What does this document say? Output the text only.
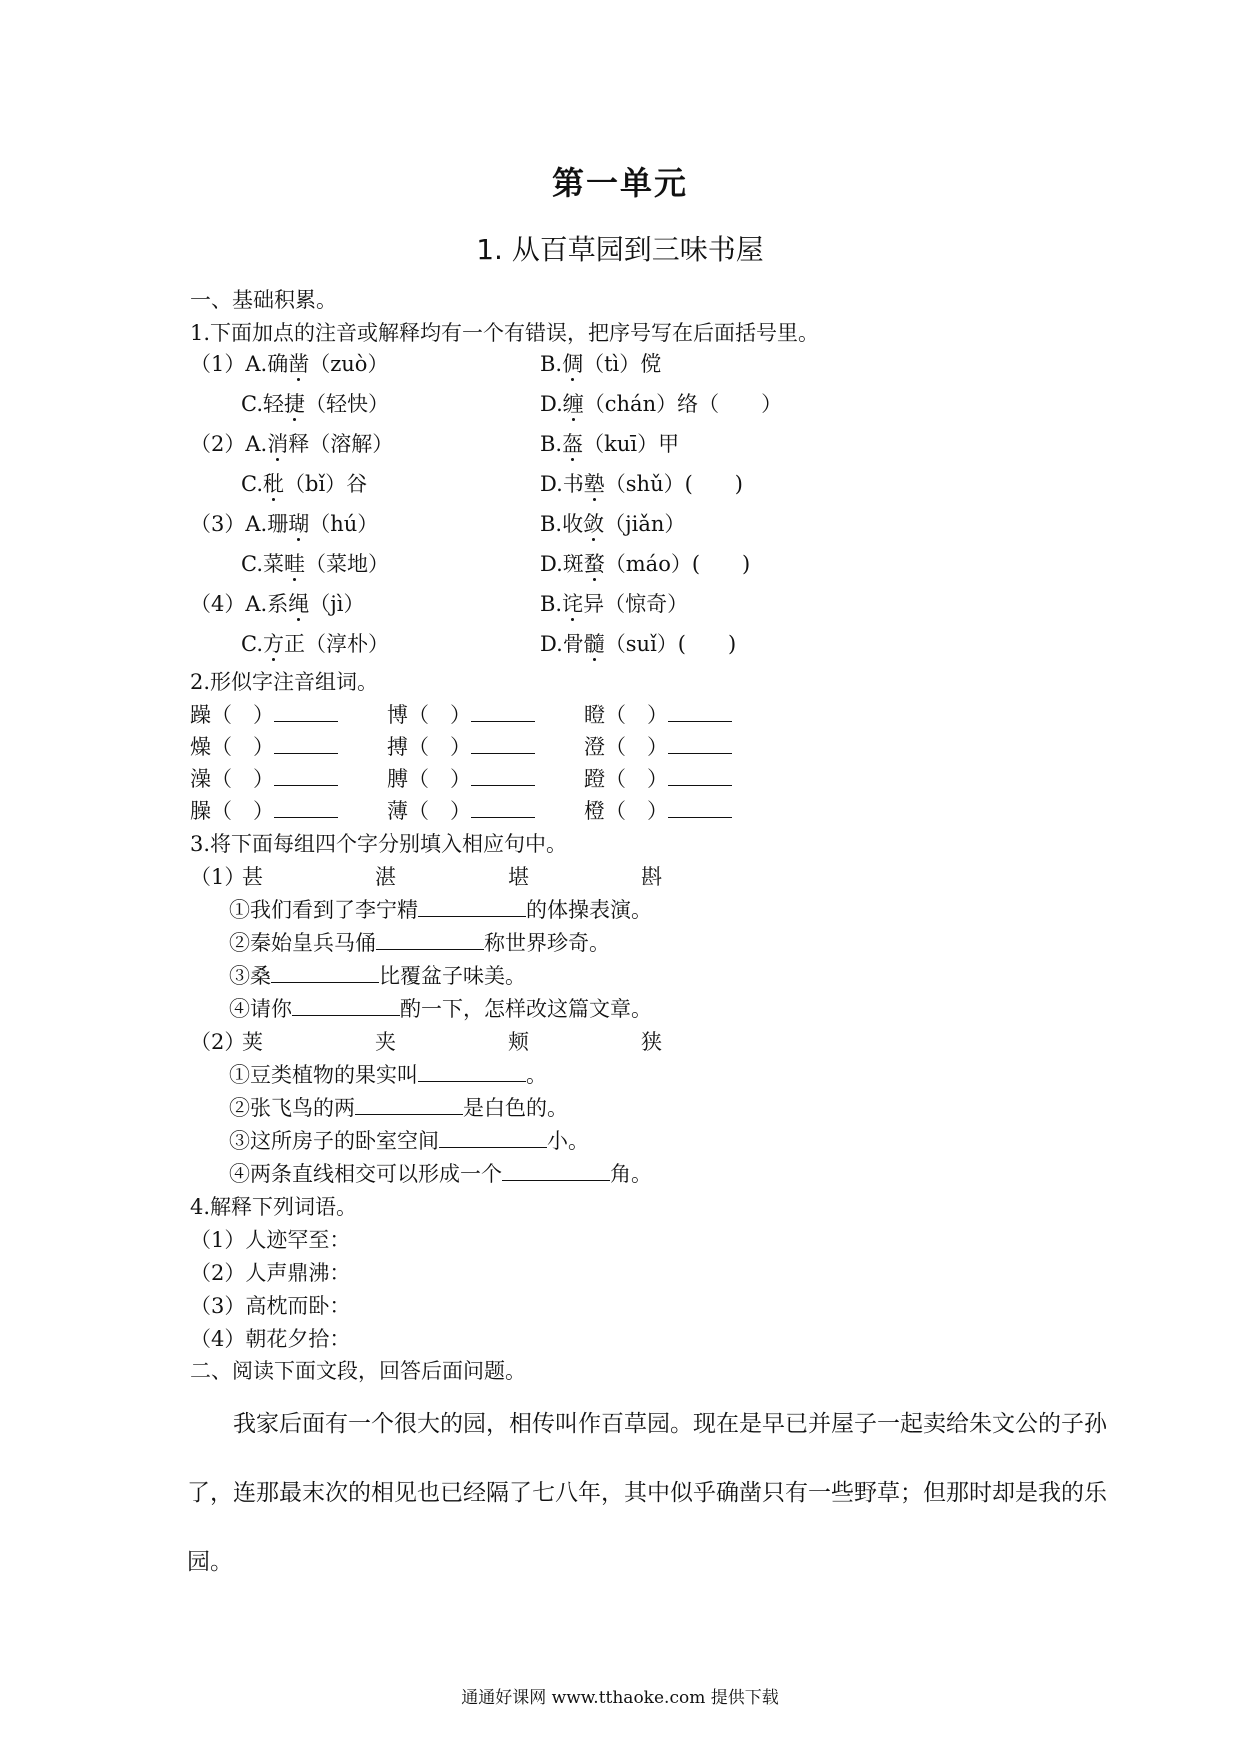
第一单元
1. 从百草园到三味书屋
一、基础积累。
1.下面加点的注音或解释均有一个有错误，把序号写在后面括号里。
（1）A.确凿（zuò）	B.倜（tì）傥
C.轻捷（轻快）	D.缠（chán）络（　　）
（2）A.消释（溶解）	B.盔（kuī）甲
C.秕（bǐ）谷	D.书塾（shǔ）(　　)
（3）A.珊瑚（hú）	B.收敛（jiǎn）
C.菜畦（菜地）	D.斑蝥（máo）(　　)
（4）A.系绳（jì）	B.诧异（惊奇）
C.方正（淳朴）	D.骨髓（suǐ）(　　)
2.形似字注音组词。
躁（　）	博（　）	瞪（　）
燥（　）	搏（　）	澄（　）
澡（　）	膊（　）	蹬（　）
臊（　）	薄（　）	橙（　）
3.将下面每组四个字分别填入相应句中。
（1）
甚	湛	堪	斟
①我们看到了李宁精	的体操表演。
②秦始皇兵马俑	称世界珍奇。
③桑	比覆盆子味美。
④请你	酌一下，怎样改这篇文章。
（2）
荚	夹	颊	狭
①豆类植物的果实叫	。
②张飞鸟的两	是白色的。
③这所房子的卧室空间	小。
④两条直线相交可以形成一个	角。
4.解释下列词语。
（1）人迹罕至：
（2）人声鼎沸：
（3）高枕而卧：
（4）朝花夕拾：
二、阅读下面文段，回答后面问题。
我家后面有一个很大的园，相传叫作百草园。现在是早已并屋子一起卖给朱文公的子孙
了，连那最末次的相见也已经隔了七八年，其中似乎确凿只有一些野草；但那时却是我的乐
园。
通通好课网 www.tthaoke.com 提供下载
